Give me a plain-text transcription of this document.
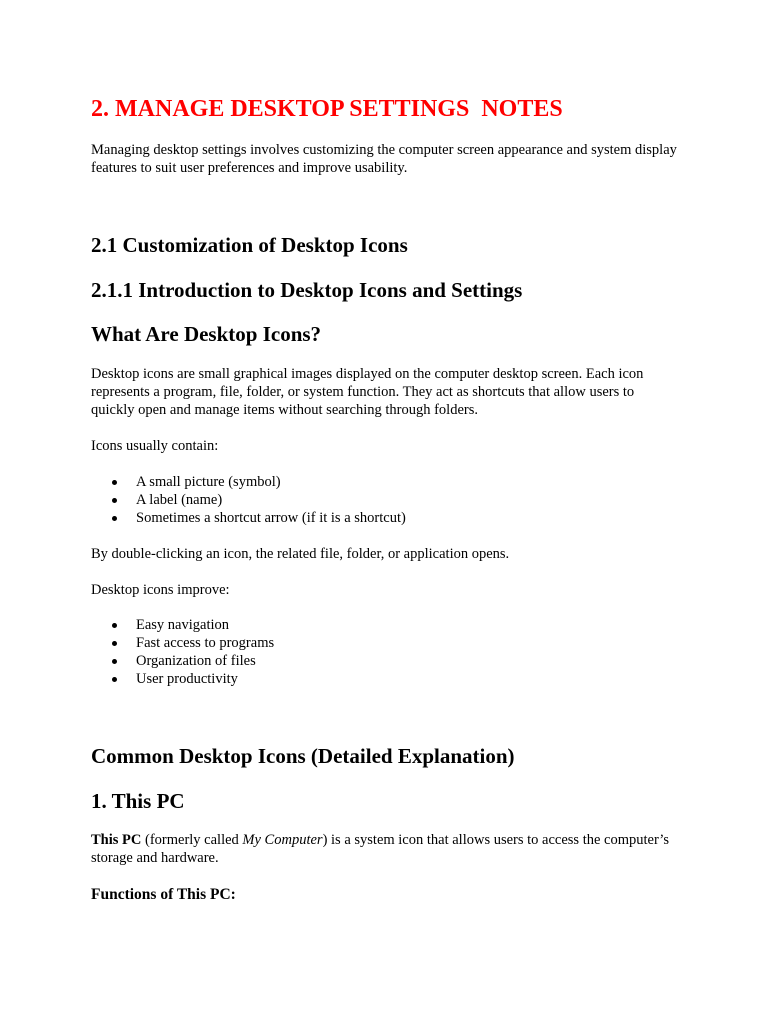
2. MANAGE DESKTOP SETTINGS  NOTES

Managing desktop settings involves customizing the computer screen appearance and system display features to suit user preferences and improve usability.

2.1 Customization of Desktop Icons
2.1.1 Introduction to Desktop Icons and Settings
What Are Desktop Icons?

Desktop icons are small graphical images displayed on the computer desktop screen. Each icon represents a program, file, folder, or system function. They act as shortcuts that allow users to quickly open and manage items without searching through folders.

Icons usually contain:

A small picture (symbol)
A label (name)
Sometimes a shortcut arrow (if it is a shortcut)

By double-clicking an icon, the related file, folder, or application opens.

Desktop icons improve:

Easy navigation
Fast access to programs
Organization of files
User productivity
Common Desktop Icons (Detailed Explanation)
1. This PC

This PC (formerly called My Computer) is a system icon that allows users to access the computer’s storage and hardware.

Functions of This PC:
